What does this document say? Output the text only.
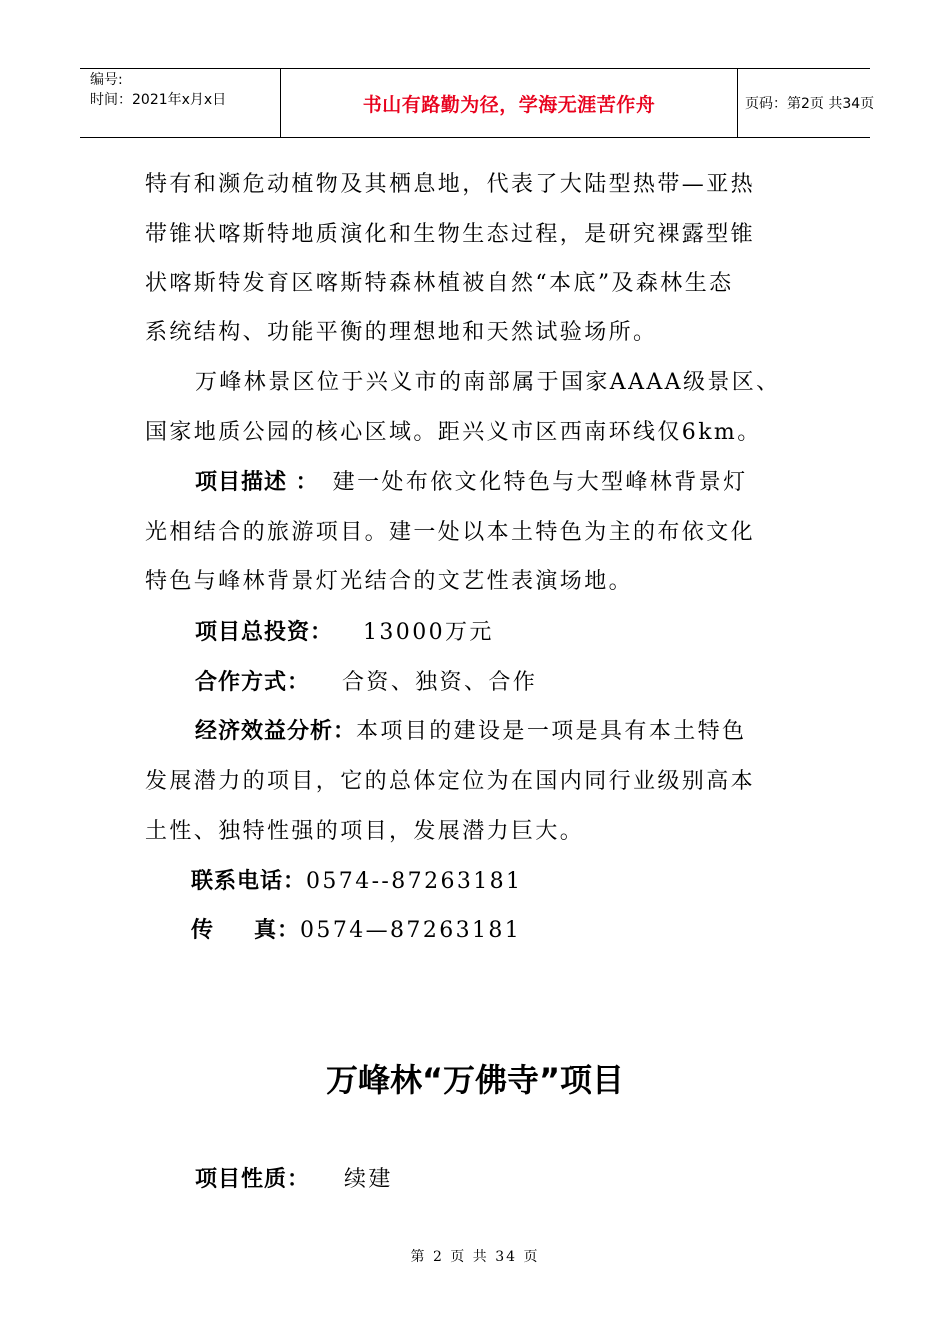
编号:
时间：2021年x月x日	书山有路勤为径，学海无涯苦作舟	页码：第2页 共34页
特有和濒危动植物及其栖息地，代表了大陆型热带—亚热
带锥状喀斯特地质演化和生物生态过程，是研究裸露型锥
状喀斯特发育区喀斯特森林植被自然“本底”及森林生态
系统结构、功能平衡的理想地和天然试验场所。
万峰林景区位于兴义市的南部属于国家AAAA级景区、
国家地质公园的核心区域。距兴义市区西南环线仅6km。
项目描述 ： 建一处布依文化特色与大型峰林背景灯
光相结合的旅游项目。建一处以本土特色为主的布依文化
特色与峰林背景灯光结合的文艺性表演场地。
项目总投资： 13000万元
合作方式： 合资、独资、合作
经济效益分析：本项目的建设是一项是具有本土特色
发展潜力的项目，它的总体定位为在国内同行业级别高本
土性、独特性强的项目，发展潜力巨大。
联系电话：0574--87263181
传 真：0574—87263181
万峰林“万佛寺”项目
项目性质： 续建
第 2 页 共 34 页
